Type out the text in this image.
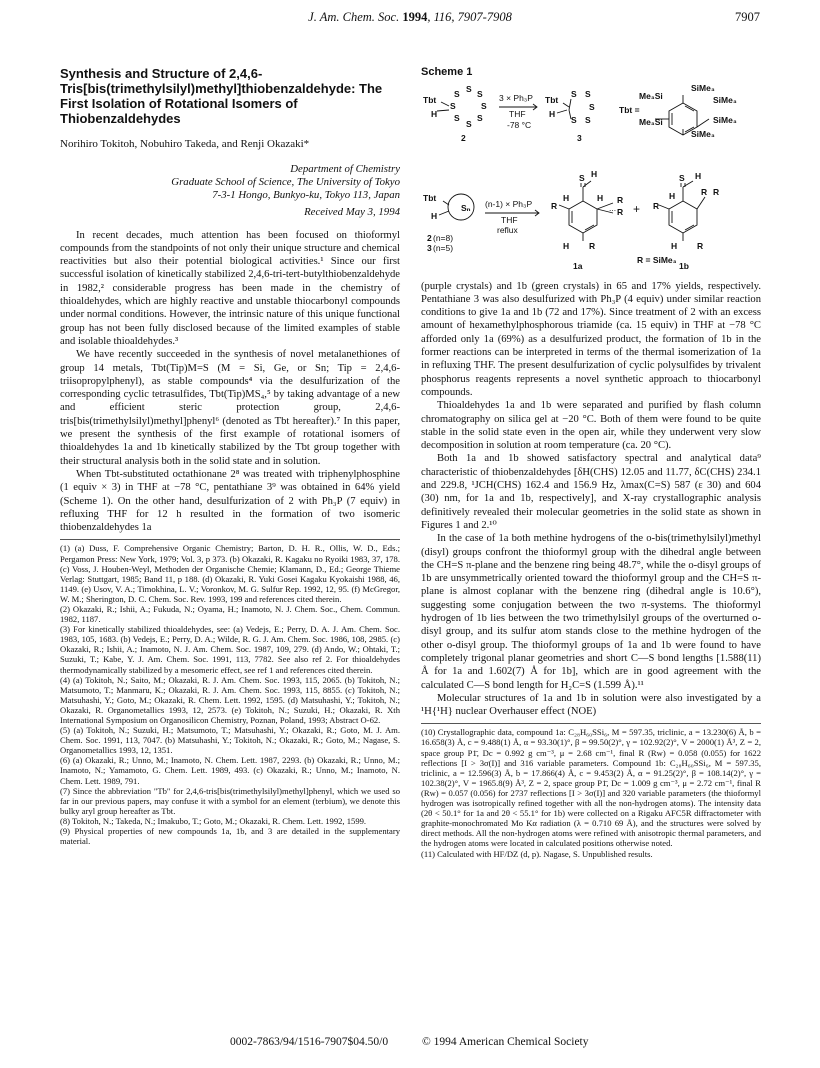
J. Am. Chem. Soc. 1994, 116, 7907-7908	7907
Synthesis and Structure of 2,4,6-Tris[bis(trimethylsilyl)methyl]thiobenzaldehyde: The First Isolation of Rotational Isomers of Thiobenzaldehydes
Norihiro Tokitoh, Nobuhiro Takeda, and Renji Okazaki*
Department of Chemistry
Graduate School of Science, The University of Tokyo
7-3-1 Hongo, Bunkyo-ku, Tokyo 113, Japan
Received May 3, 1994

In recent decades, much attention has been focused on thioformyl compounds from the standpoints of not only their unique structure and chemical reactivities but also their potential biological activities.¹ Since our first successful isolation of kinetically stabilized 2,4,6-tri-tert-butylthiobenzaldehyde in 1982,² considerable progress has been made in the chemistry of thioaldehydes, which are highly reactive and unstable thiocarbonyl compounds under normal conditions. However, the intrinsic nature of this unique functional group has not been fully disclosed because of the limited examples of stable and isolable thioaldehydes.³

We have recently succeeded in the synthesis of novel metalanethiones of group 14 metals, Tbt(Tip)M=S (M = Si, Ge, or Sn; Tip = 2,4,6-triisopropylphenyl), as stable compounds⁴ via the desulfurization of the corresponding cyclic tetrasulfides, Tbt(Tip)MS₄,⁵ by taking advantage of a new and efficient steric protection group, 2,4,6-tris[bis(trimethylsilyl)methyl]phenyl⁶ (denoted as Tbt hereafter).⁷ In this paper, we present the synthesis of the first example of rotational isomers of thioaldehydes 1a and 1b kinetically stabilized by the Tbt group together with their structural analysis both in the solid state and in solution.

When Tbt-substituted octathionane 2⁸ was treated with triphenylphosphine (1 equiv × 3) in THF at −78 °C, pentathiane 3⁹ was obtained in 64% yield (Scheme 1). On the other hand, desulfurization of 2 with Ph₃P (7 equiv) in refluxing THF for 12 h resulted in the formation of two isomeric thiobenzaldehydes 1a

(1) (a) Duss, F. Comprehensive Organic Chemistry; Barton, D. H. R., Ollis, W. D., Eds.; Pergamon Press: New York, 1979; Vol. 3, p 373. (b) Okazaki, R. Kagaku no Ryoiki 1983, 37, 178. (c) Voss, J. Houben-Weyl, Methoden der Organische Chemie; Klamann, D., Ed.; George Thieme Verlag: Stuttgart, 1985; Band 11, p 188. (d) Okazaki, R. Yuki Gosei Kagaku Kyokaishi 1988, 46, 1149. (e) Usov, V. A.; Timokhina, L. V.; Voronkov, M. G. Sulfur Rep. 1992, 12, 95. (f) McGregor, W. M.; Sherington, D. C. Chem. Soc. Rev. 1993, 199 and references cited therein.
(2) Okazaki, R.; Ishii, A.; Fukuda, N.; Oyama, H.; Inamoto, N. J. Chem. Soc., Chem. Commun. 1982, 1187.
(3) For kinetically stabilized thioaldehydes, see: (a) Vedejs, E.; Perry, D. A. J. Am. Chem. Soc. 1983, 105, 1683. (b) Vedejs, E.; Perry, D. A.; Wilde, R. G. J. Am. Chem. Soc. 1986, 108, 2985. (c) Okazaki, R.; Ishii, A.; Inamoto, N. J. Am. Chem. Soc. 1987, 109, 279. (d) Ando, W.; Ohtaki, T.; Suzuki, T.; Kabe, Y. J. Am. Chem. Soc. 1991, 113, 7782. See also ref 2. For thioaldehydes thermodynamically stabilized by a mesomeric effect, see ref 1 and references cited therein.
(4) (a) Tokitoh, N.; Saito, M.; Okazaki, R. J. Am. Chem. Soc. 1993, 115, 2065. (b) Tokitoh, N.; Matsumoto, T.; Manmaru, K.; Okazaki, R. J. Am. Chem. Soc. 1993, 115, 8855. (c) Tokitoh, N.; Matsuhashi, Y.; Goto, M.; Okazaki, R. Chem. Lett. 1992, 1595. (d) Matsuhashi, Y.; Tokitoh, N.; Okazaki, R. Organometallics 1993, 12, 2573. (e) Tokitoh, N.; Suzuki, H.; Okazaki, R. Xth International Symposium on Organosilicon Chemistry, Poznan, Poland, 1993; Abstract O-62.
(5) (a) Tokitoh, N.; Suzuki, H.; Matsumoto, T.; Matsuhashi, Y.; Okazaki, R.; Goto, M. J. Am. Chem. Soc. 1991, 113, 7047. (b) Matsuhashi, Y.; Tokitoh, N.; Okazaki, R.; Goto, M.; Nagase, S. Organometallics 1993, 12, 1351.
(6) (a) Okazaki, R.; Unno, M.; Inamoto, N. Chem. Lett. 1987, 2293. (b) Okazaki, R.; Unno, M.; Inamoto, N.; Yamamoto, G. Chem. Lett. 1989, 493. (c) Okazaki, R.; Unno, M.; Inamoto, N. Chem. Lett. 1989, 791.
(7) Since the abbreviation "Tb" for 2,4,6-tris[bis(trimethylsilyl)methyl]phenyl, which we used so far in our previous papers, may confuse it with a symbol for an element (terbium), we denote this bulky aryl group hereafter as Tbt.
(8) Tokitoh, N.; Takeda, N.; Imakubo, T.; Goto, M.; Okazaki, R. Chem. Lett. 1992, 1599.
(9) Physical properties of new compounds 1a, 1b, and 3 are detailed in the supplementary material.
Scheme 1
Tbt
H
S S S
S
S
S
S
S
2
3 × Ph₃P
THF
-78 °C
Tbt
H
S S
S
S
S
3
Tbt =
SiMe₃
Me₃Si	SiMe₃
SiMe₃
Me₃Si
SiMe₃
Tbt
H
Sₙ
2 (n=8)
3 (n=5)
(n-1) × Ph₃P
THF
reflux
S H
R
H	H R
R
H R
1a
R = SiMe₃
S H
H	R R
R
H R
1b
... +

(purple crystals) and 1b (green crystals) in 65 and 17% yields, respectively. Pentathiane 3 was also desulfurized with Ph₃P (4 equiv) under similar reaction conditions to give 1a and 1b (72 and 17%). Since treatment of 2 with an excess amount of hexamethylphosphorous triamide (ca. 15 equiv) in THF at −78 °C afforded only 1a (69%) as a desulfurized product, the formation of 1b in the former reactions can be interpreted in terms of the thermal isomerization of 1a in refluxing THF. The present desulfurization of cyclic polysulfides by trivalent phosphorus reagents represents a novel synthetic approach to thiocarbonyl compounds.

Thioaldehydes 1a and 1b were separated and purified by flash column chromatography on silica gel at −20 °C. Both of them were found to be quite stable in the solid state even in the open air, while they underwent very slow decomposition in solution at room temperature (ca. 20 °C).

Both 1a and 1b showed satisfactory spectral and analytical data⁹ characteristic of thiobenzaldehydes [δH(CHS) 12.05 and 11.77, δC(CHS) 234.1 and 229.8, ¹JCH(CHS) 162.4 and 156.9 Hz, λmax(C=S) 587 (ε 30) and 604 (30) nm, for 1a and 1b, respectively], and X-ray crystallographic analysis definitively revealed their molecular geometries in the solid state as shown in Figures 1 and 2.¹⁰

In the case of 1a both methine hydrogens of the o-bis(trimethylsilyl)methyl (disyl) groups confront the thioformyl group with the dihedral angle between the CH=S π-plane and the benzene ring being 48.7°, while the o-disyl groups of 1b are unsymmetrically oriented toward the thioformyl group and the CH=S π-plane is almost coplanar with the benzene ring (dihedral angle is 10.6°), suggesting some conjugation between the two π-systems. The thioformyl hydrogen of 1b lies between the two trimethylsilyl groups of the overturned o-disyl group, and its sulfur atom stands close to the methine hydrogen of the other o-disyl group. The thioformyl groups of 1a and 1b were found to have completely trigonal planar geometries and short C—S bond lengths [1.588(11) Å for 1a and 1.602(7) Å for 1b], which are in good agreement with the calculated C—S bond length for H₂C=S (1.599 Å).¹¹

Molecular structures of 1a and 1b in solution were also investigated by a ¹H{¹H} nuclear Overhauser effect (NOE)

(10) Crystallographic data, compound 1a: C₂₈H₆₀SSi₆, M = 597.35, triclinic, a = 13.230(6) Å, b = 16.658(3) Å, c = 9.488(1) Å, α = 93.30(1)°, β = 99.50(2)°, γ = 102.92(2)°, V = 2000(1) Å³, Z = 2, space group P1̄, Dc = 0.992 g cm⁻³, μ = 2.68 cm⁻¹, final R (Rw) = 0.058 (0.055) for 1622 reflections [I > 3σ(I)] and 316 variable parameters. Compound 1b: C₂₈H₆₀SSi₆, M = 597.35, triclinic, a = 12.596(3) Å, b = 17.866(4) Å, c = 9.453(2) Å, α = 91.25(2)°, β = 108.14(2)°, γ = 102.38(2)°, V = 1965.8(9) Å³, Z = 2, space group P1̄, Dc = 1.009 g cm⁻³, μ = 2.72 cm⁻¹, final R (Rw) = 0.057 (0.056) for 2737 reflections [I > 3σ(I)] and 320 variable parameters (the thioformyl hydrogen was isotropically refined together with all the non-hydrogen atoms). The intensity data (2θ < 50.1° for 1a and 2θ < 55.1° for 1b) were collected on a Rigaku AFC5R diffractometer with graphite-monochromated Mo Kα radiation (λ = 0.710 69 Å), and the structures were solved by direct methods. All the non-hydrogen atoms were refined with anisotropic thermal parameters, and the hydrogen atoms were located in calculated positions otherwise noted.
(11) Calculated with HF/DZ (d, p). Nagase, S. Unpublished results.
0002-7863/94/1516-7907$04.50/0	© 1994 American Chemical Society
